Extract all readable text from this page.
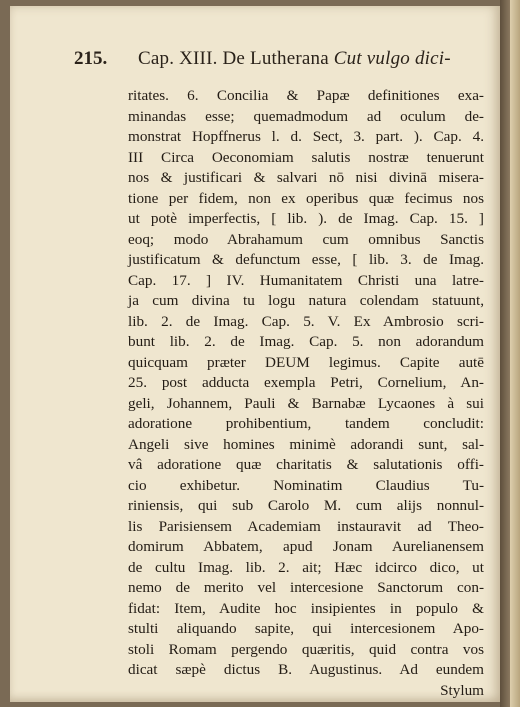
215. Cap. XIII. De Lutherana Cut vulgo dici-
ritates. 6. Concilia & Papæ definitiones exa-
minandas esse; quemadmodum ad oculum de-
monstrat Hopffnerus l. d. Sect, 3. part. ). Cap. 4.
III Circa Oeconomiam salutis nostræ tenuerunt
nos & justificari & salvari nō nisi divinā misera-
tione per fidem, non ex operibus quæ fecimus nos
ut potè imperfectis, [ lib. ). de Imag. Cap. 15. ]
eoq; modo Abrahamum cum omnibus Sanctis
justificatum & defunctum esse, [ lib. 3. de Imag.
Cap. 17. ] IV. Humanitatem Christi una latre-
ja cum divina tu logu natura colendam statuunt,
lib. 2. de Imag. Cap. 5. V. Ex Ambrosio scri-
bunt lib. 2. de Imag. Cap. 5. non adorandum
quicquam præter DEUM legimus. Capite autē
25. post adducta exempla Petri, Cornelium, An-
geli, Johannem, Pauli & Barnabæ Lycaones à sui
adoratione prohibentium, tandem concludit:
Angeli sive homines minimè adorandi sunt, sal-
vâ adoratione quæ charitatis & salutationis offi-
cio exhibetur. Nominatim Claudius Tu-
riniensis, qui sub Carolo M. cum alijs nonnul-
lis Parisiensem Academiam instauravit ad Theo-
domirum Abbatem, apud Jonam Aurelianensem
de cultu Imag. lib. 2. ait; Hæc idcirco dico, ut
nemo de merito vel intercesione Sanctorum con-
fidat: Item, Audite hoc insipientes in populo &
stulti aliquando sapite, qui intercesionem Apo-
stoli Romam pergendo quæritis, quid contra vos
dicat sæpè dictus B. Augustinus. Ad eundem
Stylum
